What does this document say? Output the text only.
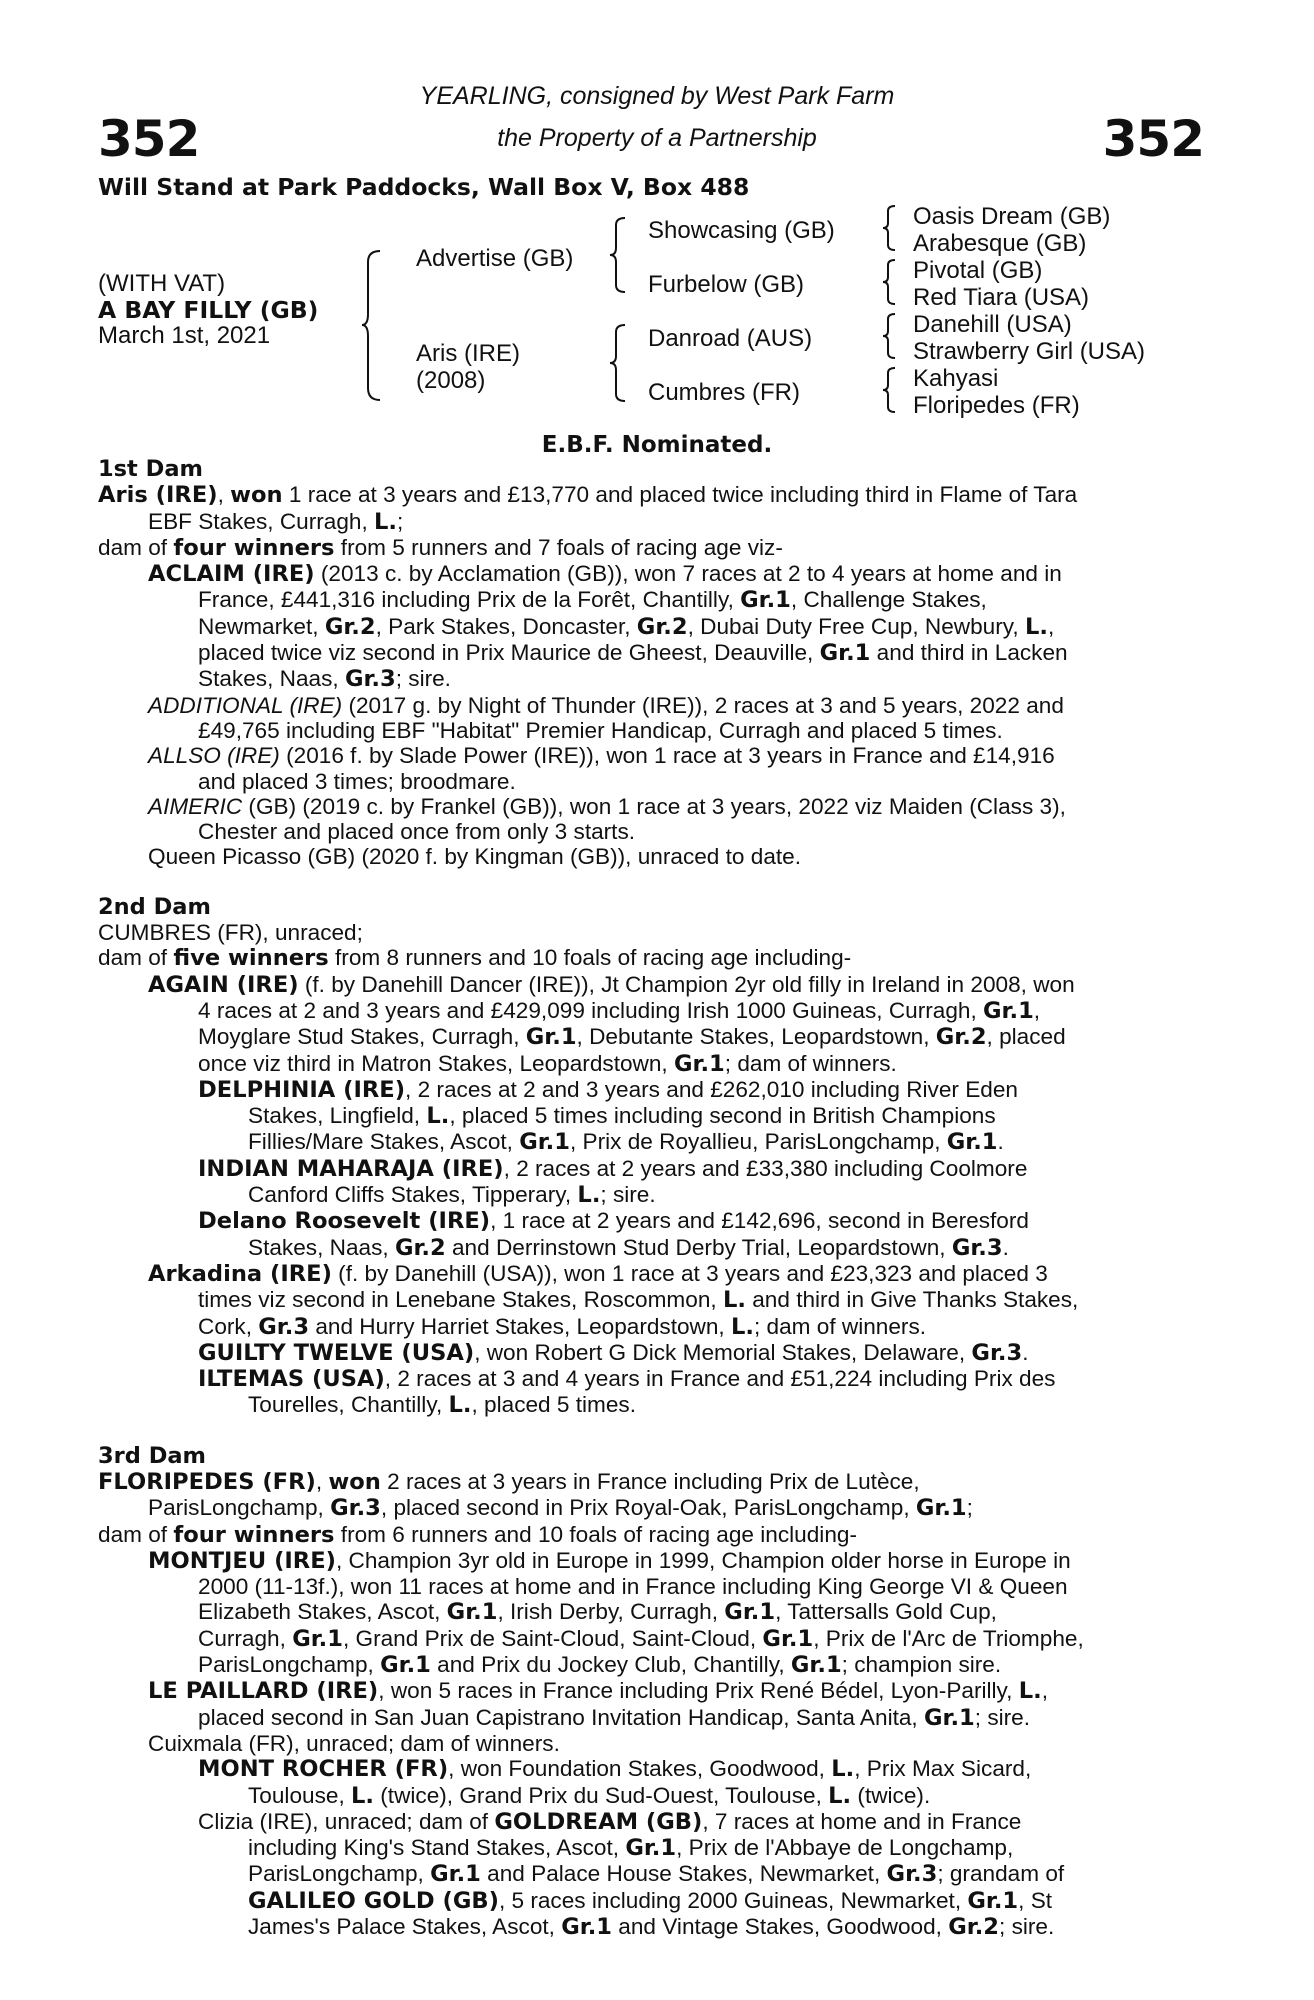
352	352
YEARLING, consigned by West Park Farm
the Property of a Partnership
Will Stand at Park Paddocks, Wall Box V, Box 488
(WITH VAT)
A BAY FILLY (GB)
March 1st, 2021
Advertise (GB)
Aris (IRE)
(2008)
Showcasing (GB)
Furbelow (GB)
Danroad (AUS)
Cumbres (FR)
Oasis Dream (GB)
Arabesque (GB)
Pivotal (GB)
Red Tiara (USA)
Danehill (USA)
Strawberry Girl (USA)
Kahyasi
Floripedes (FR)
E.B.F. Nominated.
1st Dam
Aris (IRE), won 1 race at 3 years and £13,770 and placed twice including third in Flame of Tara
EBF Stakes, Curragh, L.;
dam of four winners from 5 runners and 7 foals of racing age viz-
ACLAIM (IRE) (2013 c. by Acclamation (GB)), won 7 races at 2 to 4 years at home and in
France, £441,316 including Prix de la Forêt, Chantilly, Gr.1, Challenge Stakes,
Newmarket, Gr.2, Park Stakes, Doncaster, Gr.2, Dubai Duty Free Cup, Newbury, L.,
placed twice viz second in Prix Maurice de Gheest, Deauville, Gr.1 and third in Lacken
Stakes, Naas, Gr.3; sire.
ADDITIONAL (IRE) (2017 g. by Night of Thunder (IRE)), 2 races at 3 and 5 years, 2022 and
£49,765 including EBF "Habitat" Premier Handicap, Curragh and placed 5 times.
ALLSO (IRE) (2016 f. by Slade Power (IRE)), won 1 race at 3 years in France and £14,916
and placed 3 times; broodmare.
AIMERIC (GB) (2019 c. by Frankel (GB)), won 1 race at 3 years, 2022 viz Maiden (Class 3),
Chester and placed once from only 3 starts.
Queen Picasso (GB) (2020 f. by Kingman (GB)), unraced to date.
2nd Dam
CUMBRES (FR), unraced;
dam of five winners from 8 runners and 10 foals of racing age including-
AGAIN (IRE) (f. by Danehill Dancer (IRE)), Jt Champion 2yr old filly in Ireland in 2008, won
4 races at 2 and 3 years and £429,099 including Irish 1000 Guineas, Curragh, Gr.1,
Moyglare Stud Stakes, Curragh, Gr.1, Debutante Stakes, Leopardstown, Gr.2, placed
once viz third in Matron Stakes, Leopardstown, Gr.1; dam of winners.
DELPHINIA (IRE), 2 races at 2 and 3 years and £262,010 including River Eden
Stakes, Lingfield, L., placed 5 times including second in British Champions
Fillies/Mare Stakes, Ascot, Gr.1, Prix de Royallieu, ParisLongchamp, Gr.1.
INDIAN MAHARAJA (IRE), 2 races at 2 years and £33,380 including Coolmore
Canford Cliffs Stakes, Tipperary, L.; sire.
Delano Roosevelt (IRE), 1 race at 2 years and £142,696, second in Beresford
Stakes, Naas, Gr.2 and Derrinstown Stud Derby Trial, Leopardstown, Gr.3.
Arkadina (IRE) (f. by Danehill (USA)), won 1 race at 3 years and £23,323 and placed 3
times viz second in Lenebane Stakes, Roscommon, L. and third in Give Thanks Stakes,
Cork, Gr.3 and Hurry Harriet Stakes, Leopardstown, L.; dam of winners.
GUILTY TWELVE (USA), won Robert G Dick Memorial Stakes, Delaware, Gr.3.
ILTEMAS (USA), 2 races at 3 and 4 years in France and £51,224 including Prix des
Tourelles, Chantilly, L., placed 5 times.
3rd Dam
FLORIPEDES (FR), won 2 races at 3 years in France including Prix de Lutèce,
ParisLongchamp, Gr.3, placed second in Prix Royal-Oak, ParisLongchamp, Gr.1;
dam of four winners from 6 runners and 10 foals of racing age including-
MONTJEU (IRE), Champion 3yr old in Europe in 1999, Champion older horse in Europe in
2000 (11-13f.), won 11 races at home and in France including King George VI & Queen
Elizabeth Stakes, Ascot, Gr.1, Irish Derby, Curragh, Gr.1, Tattersalls Gold Cup,
Curragh, Gr.1, Grand Prix de Saint-Cloud, Saint-Cloud, Gr.1, Prix de l'Arc de Triomphe,
ParisLongchamp, Gr.1 and Prix du Jockey Club, Chantilly, Gr.1; champion sire.
LE PAILLARD (IRE), won 5 races in France including Prix René Bédel, Lyon-Parilly, L.,
placed second in San Juan Capistrano Invitation Handicap, Santa Anita, Gr.1; sire.
Cuixmala (FR), unraced; dam of winners.
MONT ROCHER (FR), won Foundation Stakes, Goodwood, L., Prix Max Sicard,
Toulouse, L. (twice), Grand Prix du Sud-Ouest, Toulouse, L. (twice).
Clizia (IRE), unraced; dam of GOLDREAM (GB), 7 races at home and in France
including King's Stand Stakes, Ascot, Gr.1, Prix de l'Abbaye de Longchamp,
ParisLongchamp, Gr.1 and Palace House Stakes, Newmarket, Gr.3; grandam of
GALILEO GOLD (GB), 5 races including 2000 Guineas, Newmarket, Gr.1, St
James's Palace Stakes, Ascot, Gr.1 and Vintage Stakes, Goodwood, Gr.2; sire.
